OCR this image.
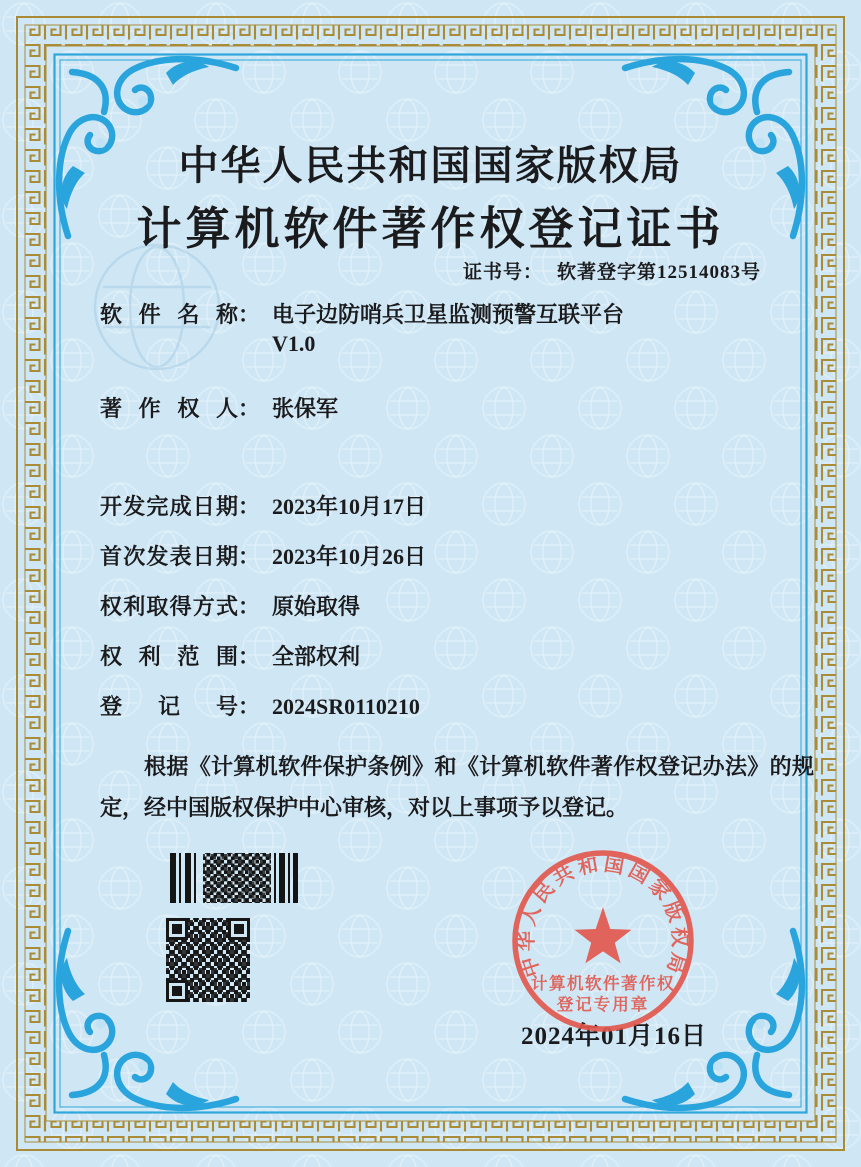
中华人民共和国国家版权局
计算机软件著作权登记证书
证书号： 软著登字第12514083号
软件名称 ： 电子边防哨兵卫星监测预警互联平台
V1.0
著作权人 ： 张保军
开发完成日期 ： 2023年10月17日
首次发表日期 ： 2023年10月26日
权利取得方式 ： 原始取得
权利范围 ： 全部权利
登记号 ： 2024SR0110210
根据《计算机软件保护条例》和《计算机软件著作权登记办法》的规定，经中国版权保护中心审核，对以上事项予以登记。
2024年01月16日
中华人民共和国国家版权局
计算机软件著作权
登记专用章
